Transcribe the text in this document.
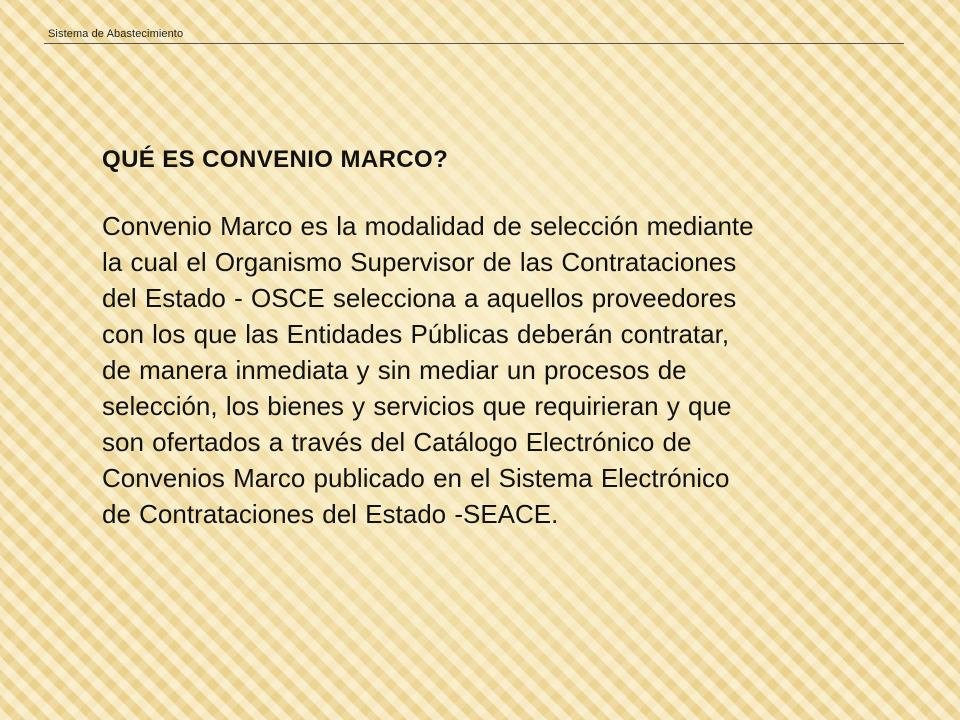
Sistema de Abastecimiento
QUÉ ES CONVENIO MARCO?

Convenio Marco es la modalidad de selección mediante
la cual el Organismo Supervisor de las Contrataciones
del Estado - OSCE selecciona a aquellos proveedores
con los que las Entidades Públicas deberán contratar,
de manera inmediata y sin mediar un procesos de
selección, los bienes y servicios que requirieran y que
son ofertados a través del Catálogo Electrónico de
Convenios Marco publicado en el Sistema Electrónico
de Contrataciones del Estado -SEACE.
